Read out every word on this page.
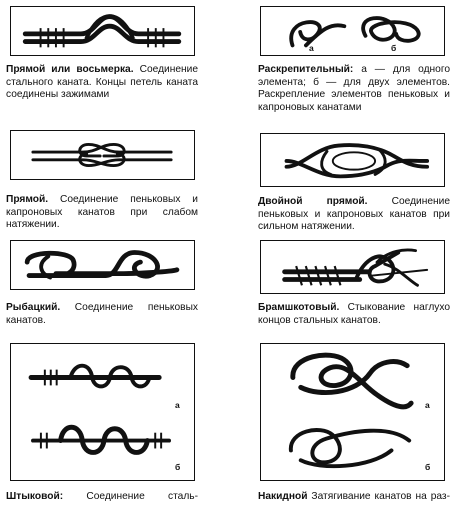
Прямой или восьмерка. Соединение стального каната. Концы петель каната соединены зажимами
а	б
Раскрепительный: а — для одного элемента; б — для двух элементов. Раскрепление элементов пеньковых и капроновых канатами
Прямой. Соединение пеньковых и капроновых канатов при слабом натяжении.
Двойной прямой. Соединение пеньковых и капроновых канатов при сильном натяжении.
Рыбацкий. Соединение пеньковых канатов.
Брамшкотовый. Стыкование наглухо концов стальных канатов.
а
б
Штыковой: Соединение сталь-
а
б
Накидной Затягивание канатов на раз-
